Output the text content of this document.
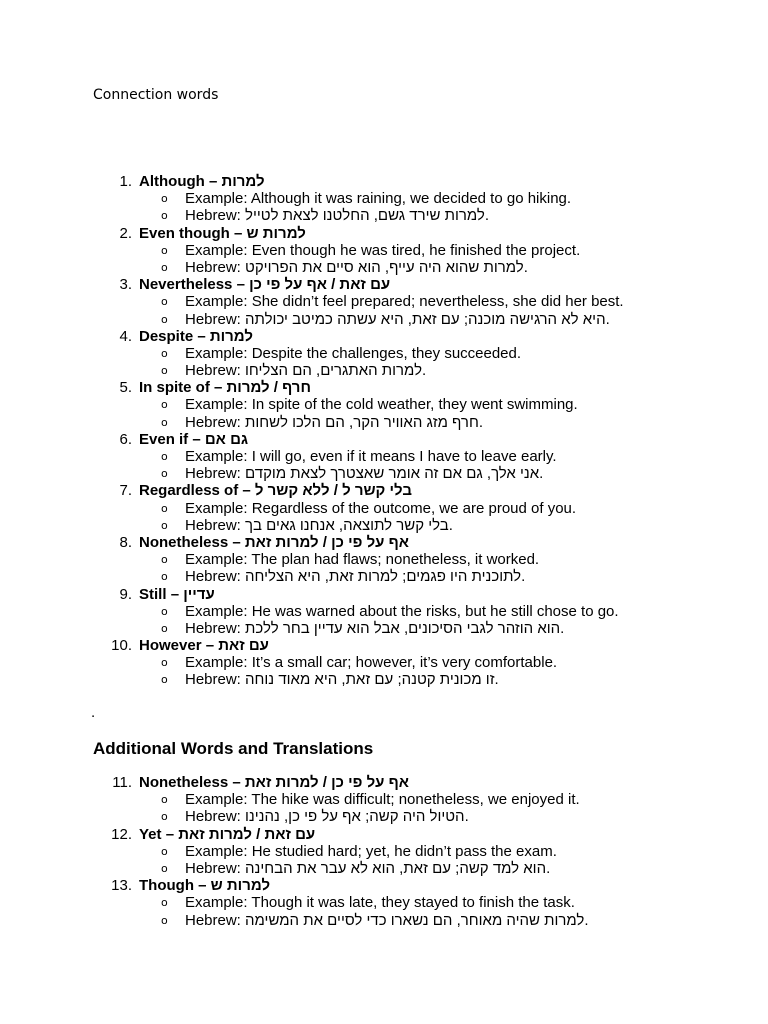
Connection words
1. Although – למרות
o Example: Although it was raining, we decided to go hiking.
o Hebrew: למרות שירד גשם, החלטנו לצאת לטייל.
2. Even though – למרות ש
o Example: Even though he was tired, he finished the project.
o Hebrew: למרות שהוא היה עייף, הוא סיים את הפרויקט.
3. Nevertheless – עם זאת / אף על פי כן
o Example: She didn’t feel prepared; nevertheless, she did her best.
o Hebrew: היא לא הרגישה מוכנה; עם זאת, היא עשתה כמיטב יכולתה.
4. Despite – למרות
o Example: Despite the challenges, they succeeded.
o Hebrew: למרות האתגרים, הם הצליחו.
5. In spite of – חרף / למרות
o Example: In spite of the cold weather, they went swimming.
o Hebrew: חרף מזג האוויר הקר, הם הלכו לשחות.
6. Even if – גם אם
o Example: I will go, even if it means I have to leave early.
o Hebrew: אני אלך, גם אם זה אומר שאצטרך לצאת מוקדם.
7. Regardless of – בלי קשר ל / ללא קשר ל
o Example: Regardless of the outcome, we are proud of you.
o Hebrew: בלי קשר לתוצאה, אנחנו גאים בך.
8. Nonetheless – אף על פי כן / למרות זאת
o Example: The plan had flaws; nonetheless, it worked.
o Hebrew: לתוכנית היו פגמים; למרות זאת, היא הצליחה.
9. Still – עדיין
o Example: He was warned about the risks, but he still chose to go.
o Hebrew: הוא הוזהר לגבי הסיכונים, אבל הוא עדיין בחר ללכת.
10. However – עם זאת
o Example: It’s a small car; however, it’s very comfortable.
o Hebrew: זו מכונית קטנה; עם זאת, היא מאוד נוחה.
.
Additional Words and Translations
11. Nonetheless – אף על פי כן / למרות זאת
o Example: The hike was difficult; nonetheless, we enjoyed it.
o Hebrew: הטיול היה קשה; אף על פי כן, נהנינו.
12. Yet – עם זאת / למרות זאת
o Example: He studied hard; yet, he didn’t pass the exam.
o Hebrew: הוא למד קשה; עם זאת, הוא לא עבר את הבחינה.
13. Though – למרות ש
o Example: Though it was late, they stayed to finish the task.
o Hebrew: למרות שהיה מאוחר, הם נשארו כדי לסיים את המשימה.
